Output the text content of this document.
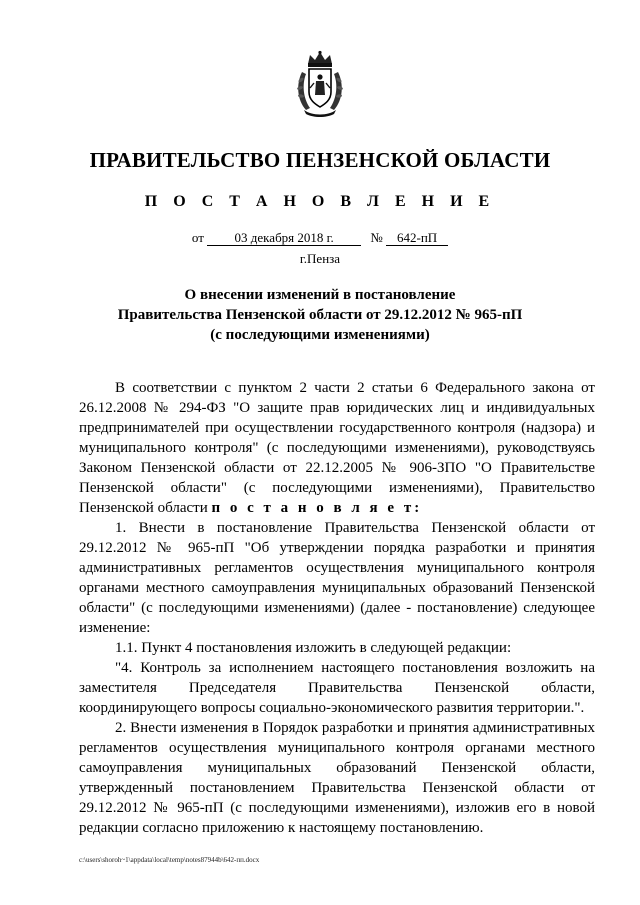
ПРАВИТЕЛЬСТВО ПЕНЗЕНСКОЙ ОБЛАСТИ
П О С Т А Н О В Л Е Н И Е
от 03 декабря 2018 г.	№ 642-пП
г.Пенза
О внесении изменений в постановление
Правительства Пензенской области от 29.12.2012 № 965-пП
(с последующими изменениями)

В соответствии с пунктом 2 части 2 статьи 6 Федерального закона от 26.12.2008 № 294-ФЗ "О защите прав юридических лиц и индивидуальных предпринимателей при осуществлении государственного контроля (надзора) и муниципального контроля" (с последующими изменениями), руководствуясь Законом Пензенской области от 22.12.2005 № 906-ЗПО "О Правительстве Пензенской области" (с последующими изменениями), Правительство Пензенской области п о с т а н о в л я е т:

1. Внести в постановление Правительства Пензенской области от 29.12.2012 № 965-пП "Об утверждении порядка разработки и принятия административных регламентов осуществления муниципального контроля органами местного самоуправления муниципальных образований Пензенской области" (с последующими изменениями) (далее - постановление) следующее изменение:

1.1. Пункт 4 постановления изложить в следующей редакции:

"4. Контроль за исполнением настоящего постановления возложить на заместителя Председателя Правительства Пензенской области, координирующего вопросы социально-экономического развития территории.".

2. Внести изменения в Порядок разработки и принятия административных регламентов осуществления муниципального контроля органами местного самоуправления муниципальных образований Пензенской области, утвержденный постановлением Правительства Пензенской области от 29.12.2012 № 965-пП (с последующими изменениями), изложив его в новой редакции согласно приложению к настоящему постановлению.

c:\users\shoroh~1\appdata\local\temp\notes87944b\642-пп.docx
